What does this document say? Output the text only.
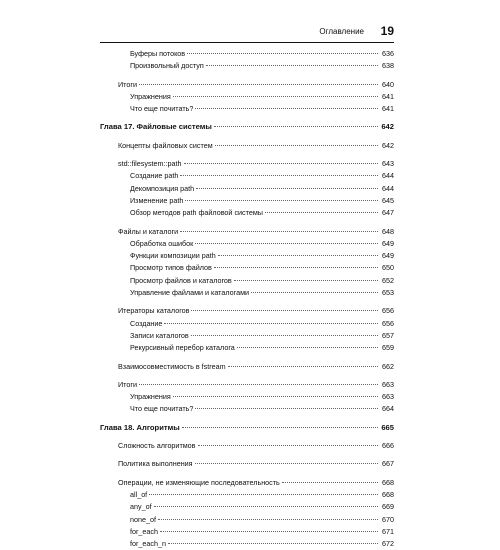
Оглавление 19
Буферы потоков	636
Произвольный доступ	638
Итоги	640
Упражнения	641
Что еще почитать?	641
Глава 17. Файловые системы	642
Концепты файловых систем	642
std::filesystem::path	643
Создание path	644
Декомпозиция path	644
Изменение path	645
Обзор методов path файловой системы	647
Файлы и каталоги	648
Обработка ошибок	649
Функции композиции path	649
Просмотр типов файлов	650
Просмотр файлов и каталогов	652
Управление файлами и каталогами	653
Итераторы каталогов	656
Создание	656
Записи каталогов	657
Рекурсивный перебор каталога	659
Взаимосовместимость в fstream	662
Итоги	663
Упражнения	663
Что еще почитать?	664
Глава 18. Алгоритмы	665
Сложность алгоритмов	666
Политика выполнения	667
Операции, не изменяющие последовательность	668
all_of	668
any_of	669
none_of	670
for_each	671
for_each_n	672
